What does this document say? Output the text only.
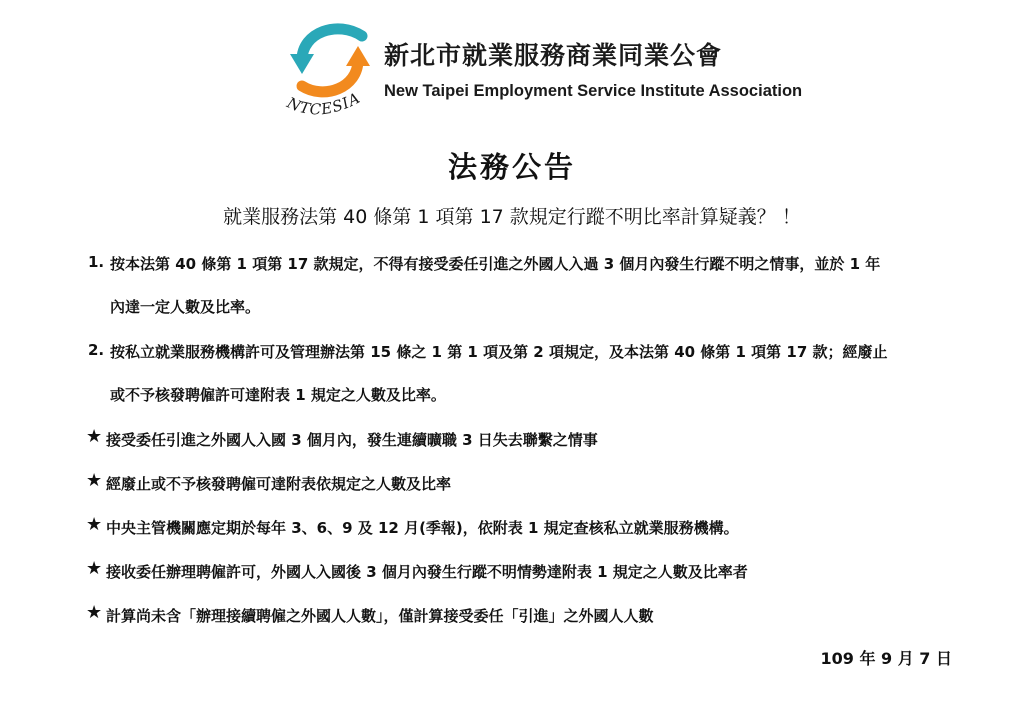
NTCESIA
新北市就業服務商業同業公會
New Taipei Employment Service Institute Association
法務公告
就業服務法第 40 條第 1 項第 17 款規定行蹤不明比率計算疑義？ ！
1. 按本法第 40 條第 1 項第 17 款規定，不得有接受委任引進之外國人入過 3 個月內發生行蹤不明之情事，並於 1 年
內達一定人數及比率。
2. 按私立就業服務機構許可及管理辦法第 15 條之 1 第 1 項及第 2 項規定，及本法第 40 條第 1 項第 17 款；經廢止
或不予核發聘僱許可達附表 1 規定之人數及比率。
★ 接受委任引進之外國人入國 3 個月內，發生連續曠職 3 日失去聯繫之情事
★ 經廢止或不予核發聘僱可達附表依規定之人數及比率
★ 中央主管機關應定期於每年 3、6、9 及 12 月(季報)，依附表 1 規定查核私立就業服務機構。
★ 接收委任辦理聘僱許可，外國人入國後 3 個月內發生行蹤不明情勢達附表 1 規定之人數及比率者
★ 計算尚未含「辦理接續聘僱之外國人人數」，僅計算接受委任「引進」之外國人人數
109 年 9 月 7 日
